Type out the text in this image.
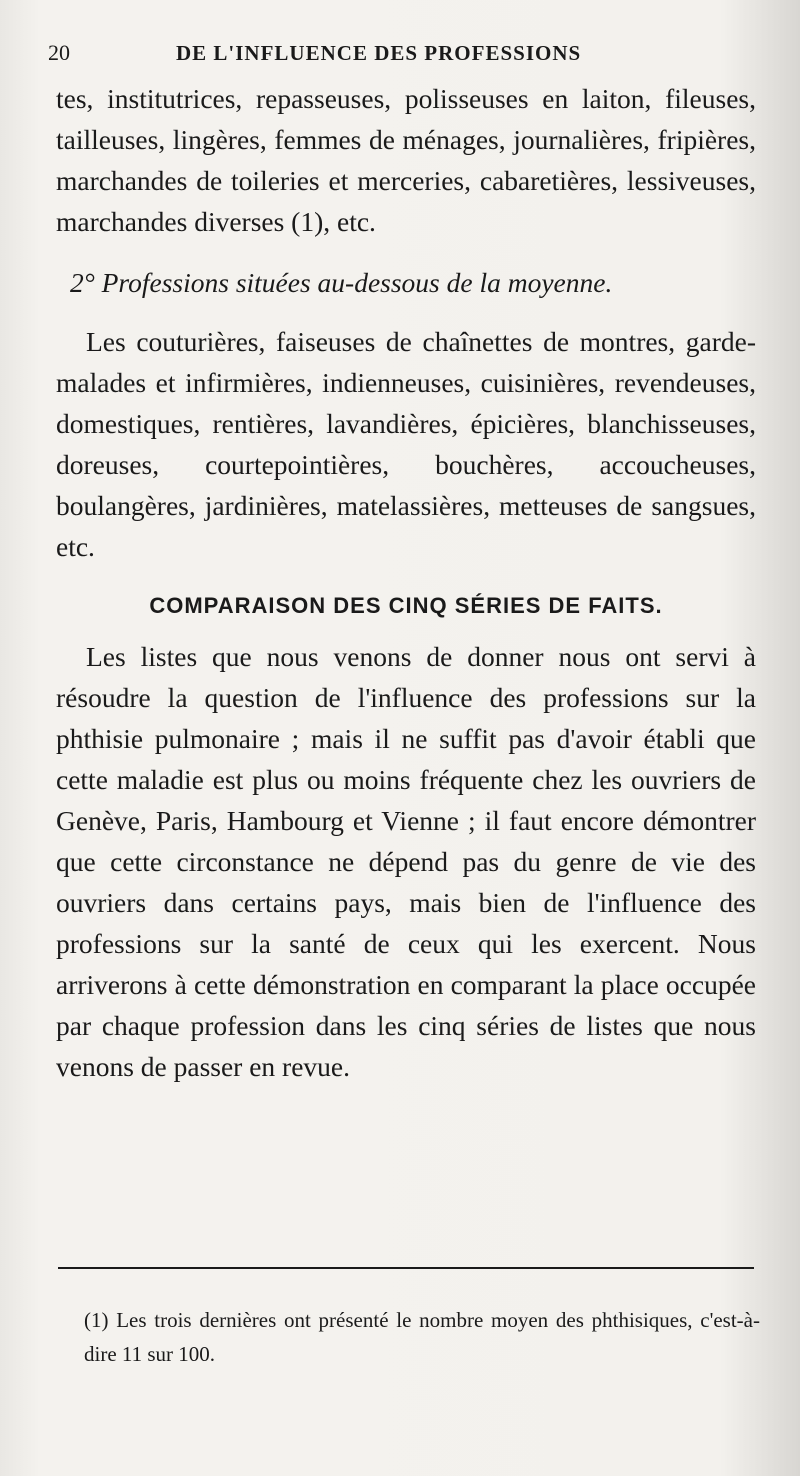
20	DE L'INFLUENCE DES PROFESSIONS

tes, institutrices, repasseuses, polisseuses en laiton, fileuses, tailleuses, lingères, femmes de ménages, journalières, fripières, marchandes de toileries et merceries, cabaretières, lessiveuses, marchandes diverses (1), etc.

2° Professions situées au-dessous de la moyenne.

Les couturières, faiseuses de chaînettes de montres, garde-malades et infirmières, indienneuses, cuisinières, revendeuses, domestiques, rentières, lavandières, épicières, blanchisseuses, doreuses, courtepointières, bouchères, accoucheuses, boulangères, jardinières, matelassières, metteuses de sangsues, etc.

COMPARAISON DES CINQ SÉRIES DE FAITS.

Les listes que nous venons de donner nous ont servi à résoudre la question de l'influence des professions sur la phthisie pulmonaire ; mais il ne suffit pas d'avoir établi que cette maladie est plus ou moins fréquente chez les ouvriers de Genève, Paris, Hambourg et Vienne ; il faut encore démontrer que cette circonstance ne dépend pas du genre de vie des ouvriers dans certains pays, mais bien de l'influence des professions sur la santé de ceux qui les exercent. Nous arriverons à cette démonstration en comparant la place occupée par chaque profession dans les cinq séries de listes que nous venons de passer en revue.

(1) Les trois dernières ont présenté le nombre moyen des phthisiques, c'est-à-dire 11 sur 100.
